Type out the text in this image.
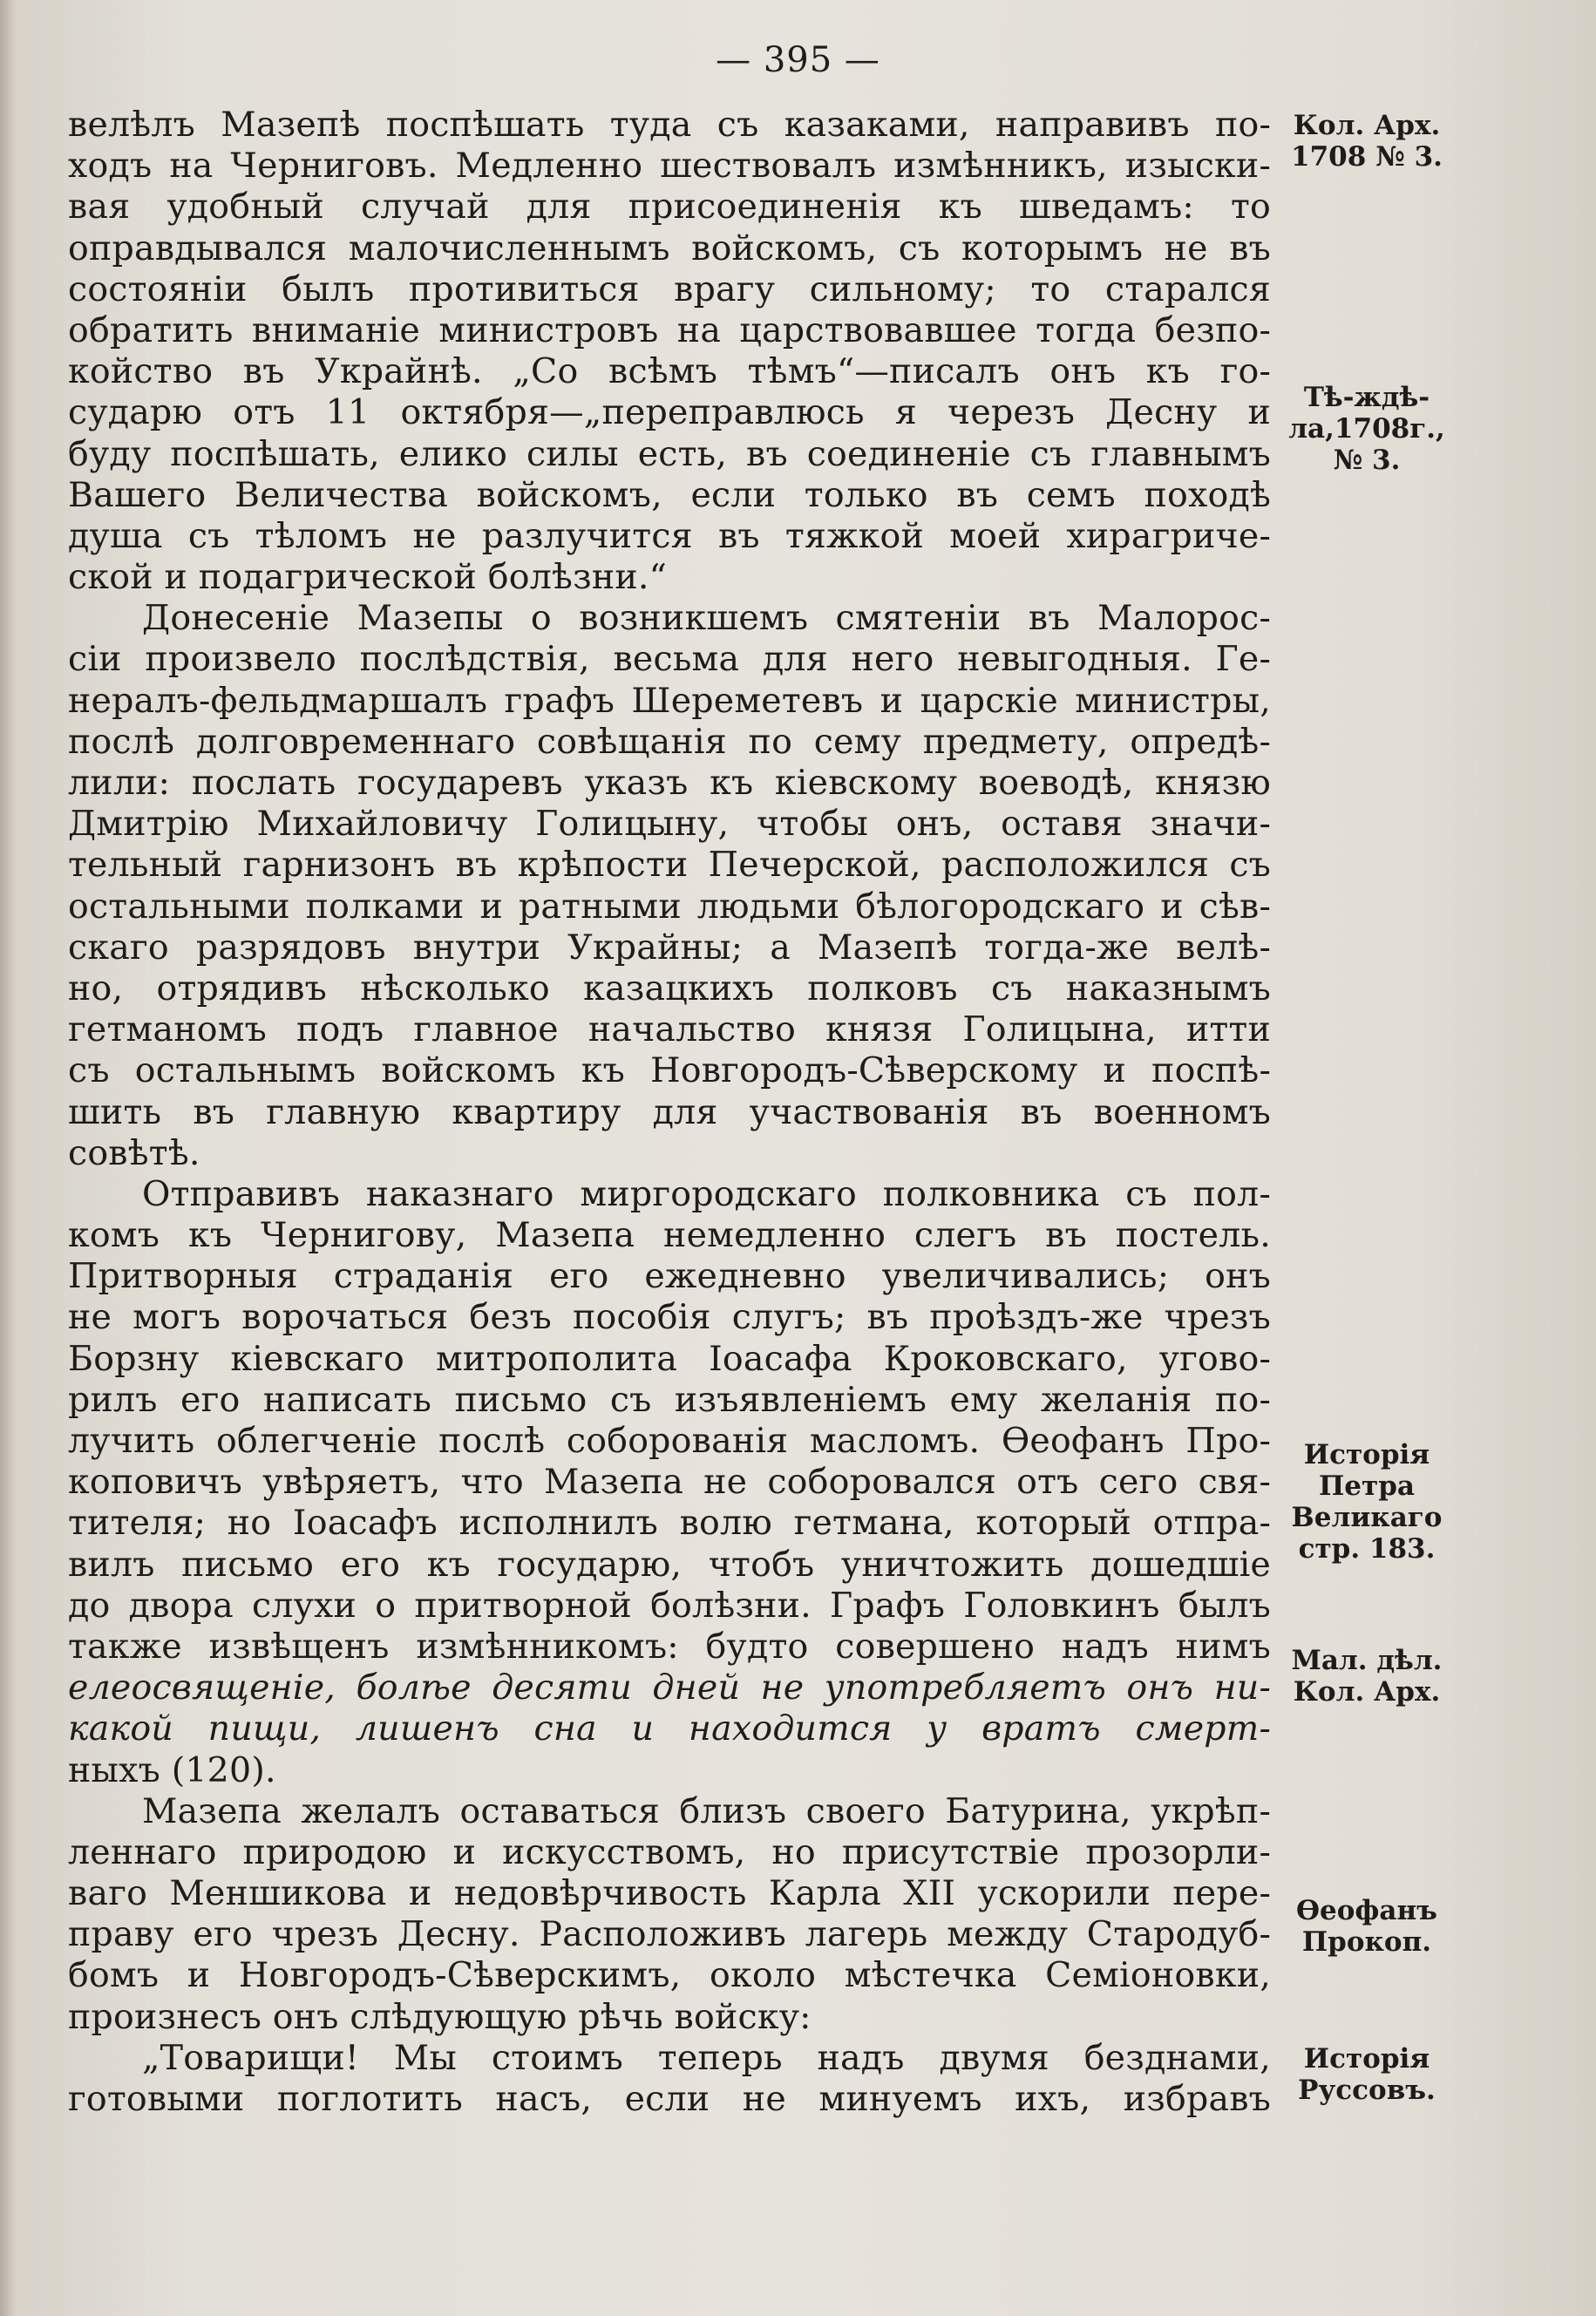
— 395 —
велѣлъ Мазепѣ поспѣшать туда съ казаками, направивъ по-
ходъ на Черниговъ. Медленно шествовалъ измѣнникъ, изыски-
вая удобный случай для присоединенія къ шведамъ: то
оправдывался малочисленнымъ войскомъ, съ которымъ не въ
состояніи былъ противиться врагу сильному; то старался
обратить вниманіе министровъ на царствовавшее тогда безпо-
койство въ Украйнѣ. „Со всѣмъ тѣмъ“—писалъ онъ къ го-
сударю отъ 11 октября—„переправлюсь я черезъ Десну и
буду поспѣшать, елико силы есть, въ соединеніе съ главнымъ
Вашего Величества войскомъ, если только въ семъ походѣ
душа съ тѣломъ не разлучится въ тяжкой моей хирагриче-
ской и подагрической болѣзни.“
Донесеніе Мазепы о возникшемъ смятеніи въ Малорос-
сіи произвело послѣдствія, весьма для него невыгодныя. Ге-
нералъ-фельдмаршалъ графъ Шереметевъ и царскіе министры,
послѣ долговременнаго совѣщанія по сему предмету, опредѣ-
лили: послать государевъ указъ къ кіевскому воеводѣ, князю
Дмитрію Михайловичу Голицыну, чтобы онъ, оставя значи-
тельный гарнизонъ въ крѣпости Печерской, расположился съ
остальными полками и ратными людьми бѣлогородскаго и сѣв-
скаго разрядовъ внутри Украйны; а Мазепѣ тогда-же велѣ-
но, отрядивъ нѣсколько казацкихъ полковъ съ наказнымъ
гетманомъ подъ главное начальство князя Голицына, итти
съ остальнымъ войскомъ къ Новгородъ-Сѣверскому и поспѣ-
шить въ главную квартиру для участвованія въ военномъ
совѣтѣ.
Отправивъ наказнаго миргородскаго полковника съ пол-
комъ къ Чернигову, Мазепа немедленно слегъ въ постель.
Притворныя страданія его ежедневно увеличивались; онъ
не могъ ворочаться безъ пособія слугъ; въ проѣздъ-же чрезъ
Борзну кіевскаго митрополита Іоасафа Кроковскаго, угово-
рилъ его написать письмо съ изъявленіемъ ему желанія по-
лучить облегченіе послѣ соборованія масломъ. Ѳеофанъ Про-
коповичъ увѣряетъ, что Мазепа не соборовался отъ сего свя-
тителя; но Іоасафъ исполнилъ волю гетмана, который отпра-
вилъ письмо его къ государю, чтобъ уничтожить дошедшіе
до двора слухи о притворной болѣзни. Графъ Головкинъ былъ
также извѣщенъ измѣнникомъ: будто совершено надъ нимъ
елеосвященіе, болѣе десяти дней не употребляетъ онъ ни-
какой пищи, лишенъ сна и находится у вратъ смерт-
ныхъ (120).
Мазепа желалъ оставаться близъ своего Батурина, укрѣп-
леннаго природою и искусствомъ, но присутствіе прозорли-
ваго Меншикова и недовѣрчивость Карла XII ускорили пере-
праву его чрезъ Десну. Расположивъ лагерь между Стародуб-
бомъ и Новгородъ-Сѣверскимъ, около мѣстечка Семіоновки,
произнесъ онъ слѣдующую рѣчь войску:
„Товарищи! Мы стоимъ теперь надъ двумя безднами,
готовыми поглотить насъ, если не минуемъ ихъ, избравъ
Кол. Арх.
1708 № 3.
Тѣ-ждѣ-
ла,1708г.,
№ 3.
Исторія
Петра
Великаго
стр. 183.
Мал. дѣл.
Кол. Арх.
Ѳеофанъ
Прокоп.
Исторія
Руссовъ.
